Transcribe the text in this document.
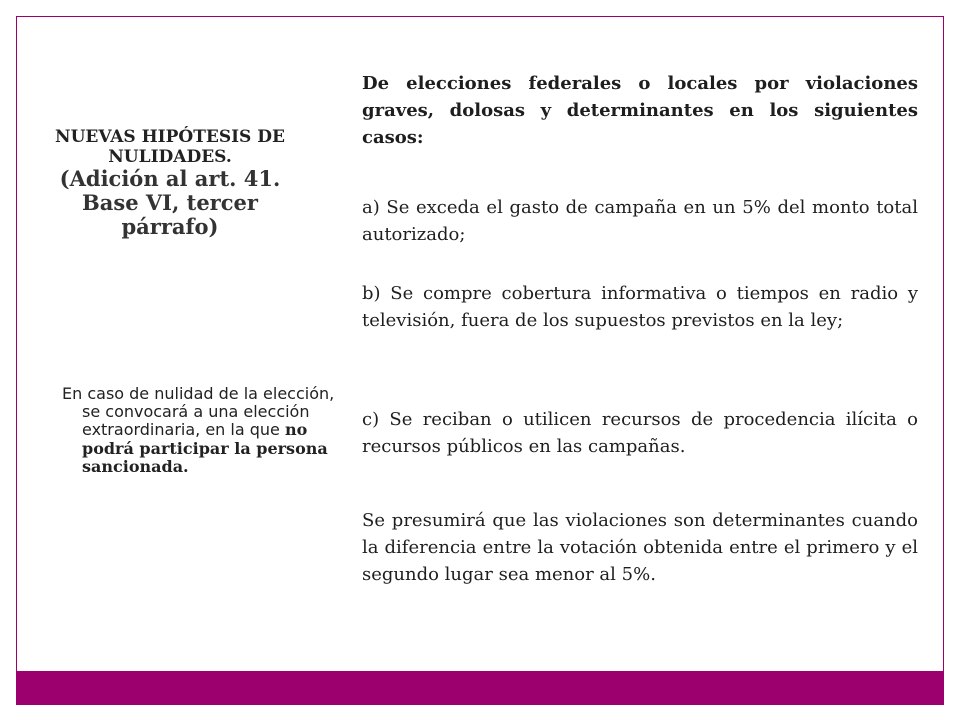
NUEVAS HIPÓTESIS DE NULIDADES.
(Adición al art. 41. Base VI, tercer párrafo)
En caso de nulidad de la elección, se convocará a una elección extraordinaria, en la que no podrá participar la persona sancionada.
De elecciones federales o locales por violaciones graves, dolosas y determinantes en los siguientes casos:
a) Se exceda el gasto de campaña en un 5% del monto total autorizado;
b) Se compre cobertura informativa o tiempos en radio y televisión, fuera de los supuestos previstos en la ley;
c) Se reciban o utilicen recursos de procedencia ilícita o recursos públicos en las campañas.
Se presumirá que las violaciones son determinantes cuando la diferencia entre la votación obtenida entre el primero y el segundo lugar sea menor al 5%.
